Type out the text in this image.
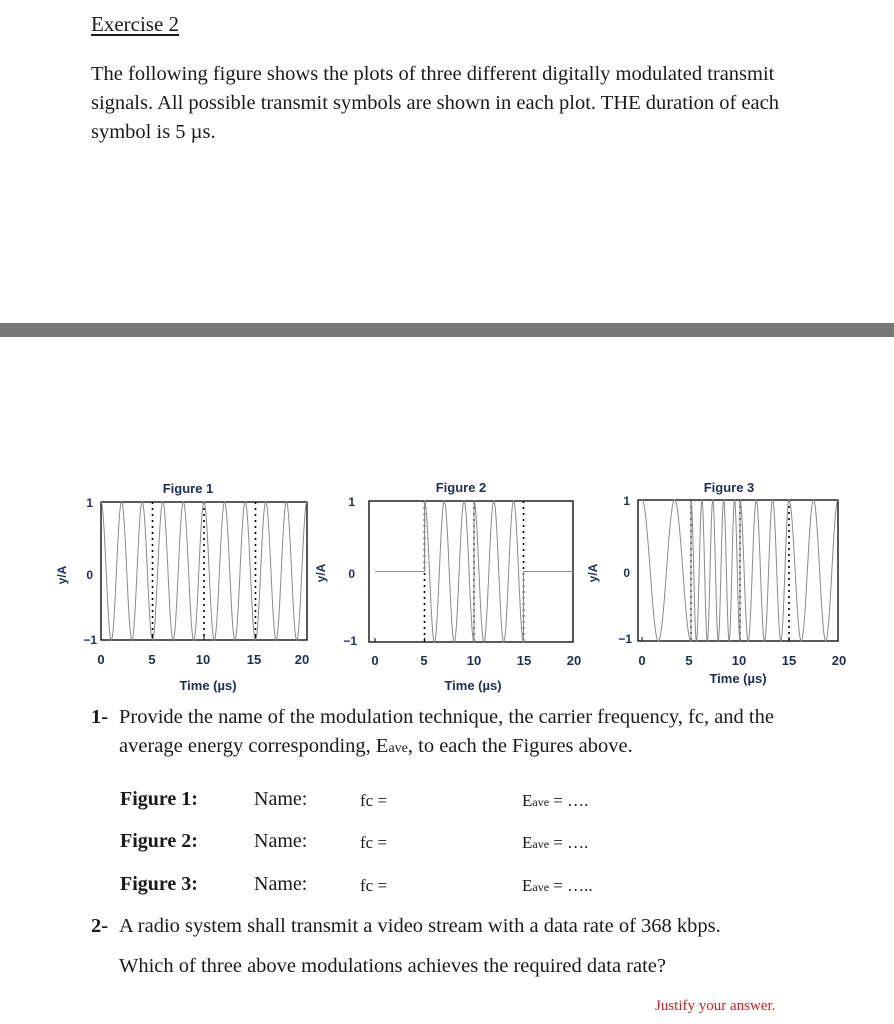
Exercise 2
The following figure shows the plots of three different digitally modulated transmit signals. All possible transmit symbols are shown in each plot. THE duration of each symbol is 5 µs.
Figure 1
y/A
1
0
−1
0	5	10	15	20
Time (µs)
Figure 2
y/A
1
0
−1
0	5	10	15	20
Time (µs)
Figure 3
y/A
1
0
−1
0	5	10	15	20
Time (µs)
1- Provide the name of the modulation technique, the carrier frequency, fc, and the average energy corresponding, Eave, to each the Figures above.
Figure 1:	Name:	fc =	Eave = ….
Figure 2:	Name:	fc =	Eave = ….
Figure 3:	Name:	fc =	Eave = …..
2- A radio system shall transmit a video stream with a data rate of 368 kbps.
Which of three above modulations achieves the required data rate?
Justify your answer.
